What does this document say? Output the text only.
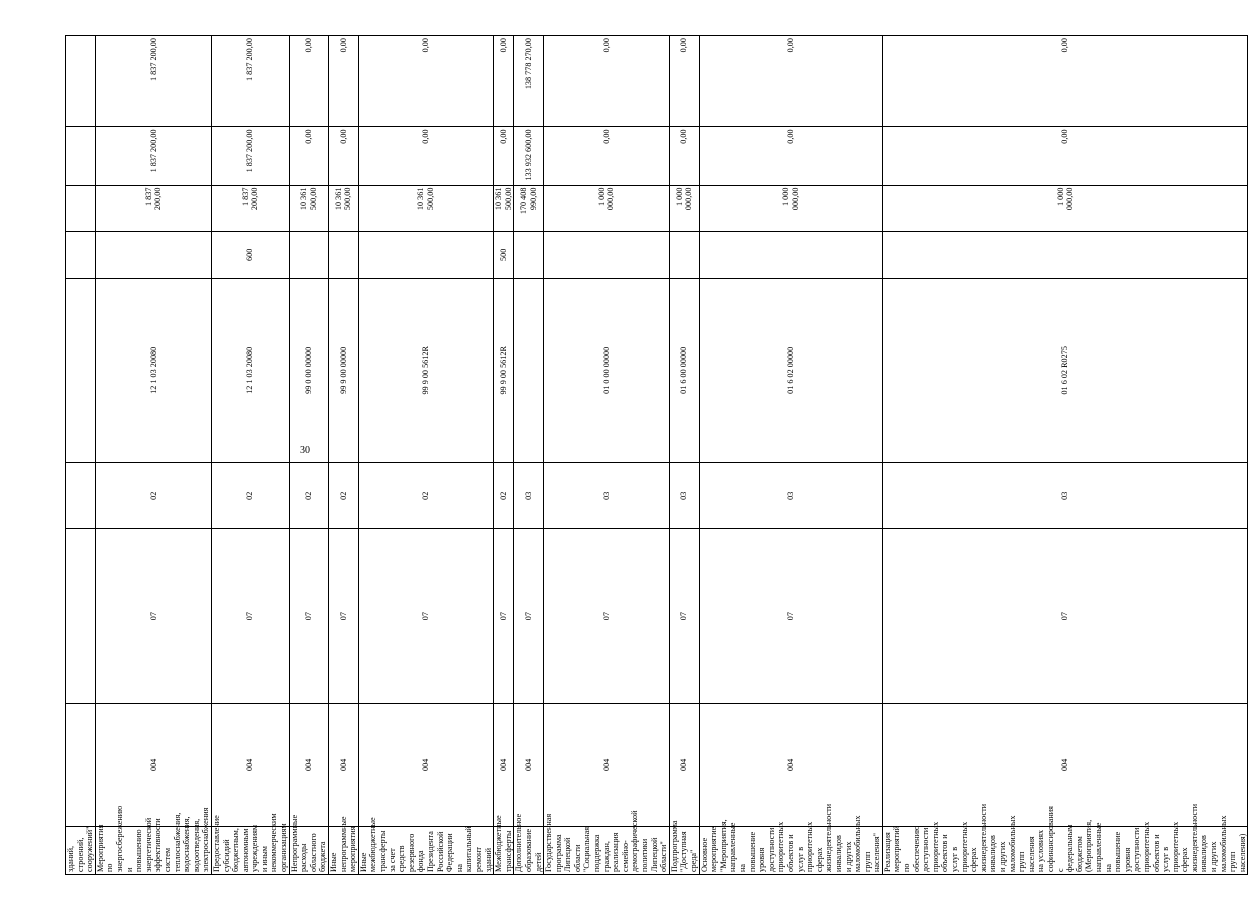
30
зданий, строений, сооружений"								
Мероприятия по энергосбережению и повышению энергетической эффективности систем теплоснабжения, водоснабжения, водоотведения, электроснабжения	004	07	02	12 1 03 20080		1 837 200,00	1 837 200,00	1 837 200,00
Предоставление субсидий бюджетным, автономным учреждениям и иным некоммерческим организациям	004	07	02	12 1 03 20080	600	1 837 200,00	1 837 200,00	1 837 200,00
Непрограммные расходы областного бюджета	004	07	02	99 0 00 00000		10 361 500,00	0,00	0,00
Иные непрограммные мероприятия	004	07	02	99 9 00 00000		10 361 500,00	0,00	0,00
Иные межбюджетные трансферты за счет средств резервного фонда Президента Российской Федерации на капитальный ремонт зданий	004	07	02	99 9 00 5612R		10 361 500,00	0,00	0,00
Межбюджетные трансферты	004	07	02	99 9 00 5612R	500	10 361 500,00	0,00	0,00
Дополнительное образование детей	004	07	03			170 408 990,00	133 932 600,00	138 778 270,00
Государственная программа Липецкой области "Социальная поддержка граждан, реализация семейно-демографической политики Липецкой области"	004	07	03	01 0 00 00000		1 000 000,00	0,00	0,00
Подпрограмма "Доступная среда"	004	07	03	01 6 00 00000		1 000 000,00	0,00	0,00
Основное мероприятие "Мероприятия, направленные на повышение уровня доступности приоритетных объектов и услуг в приоритетных сферах жизнедеятельности инвалидов и других маломобильных групп населения"	004	07	03	01 6 02 00000		1 000 000,00	0,00	0,00
Реализация мероприятий по обеспечению доступности приоритетных объектов и услуг в приоритетных сферах жизнедеятельности инвалидов и других маломобильных групп населения на условиях софинансирования с федеральным бюджетом (Мероприятия, направленные на повышение уровня доступности приоритетных объектов и услуг в приоритетных сферах жизнедеятельности инвалидов и других маломобильных групп населения)	004	07	03	01 6 02 R0275		1 000 000,00	0,00	0,00
